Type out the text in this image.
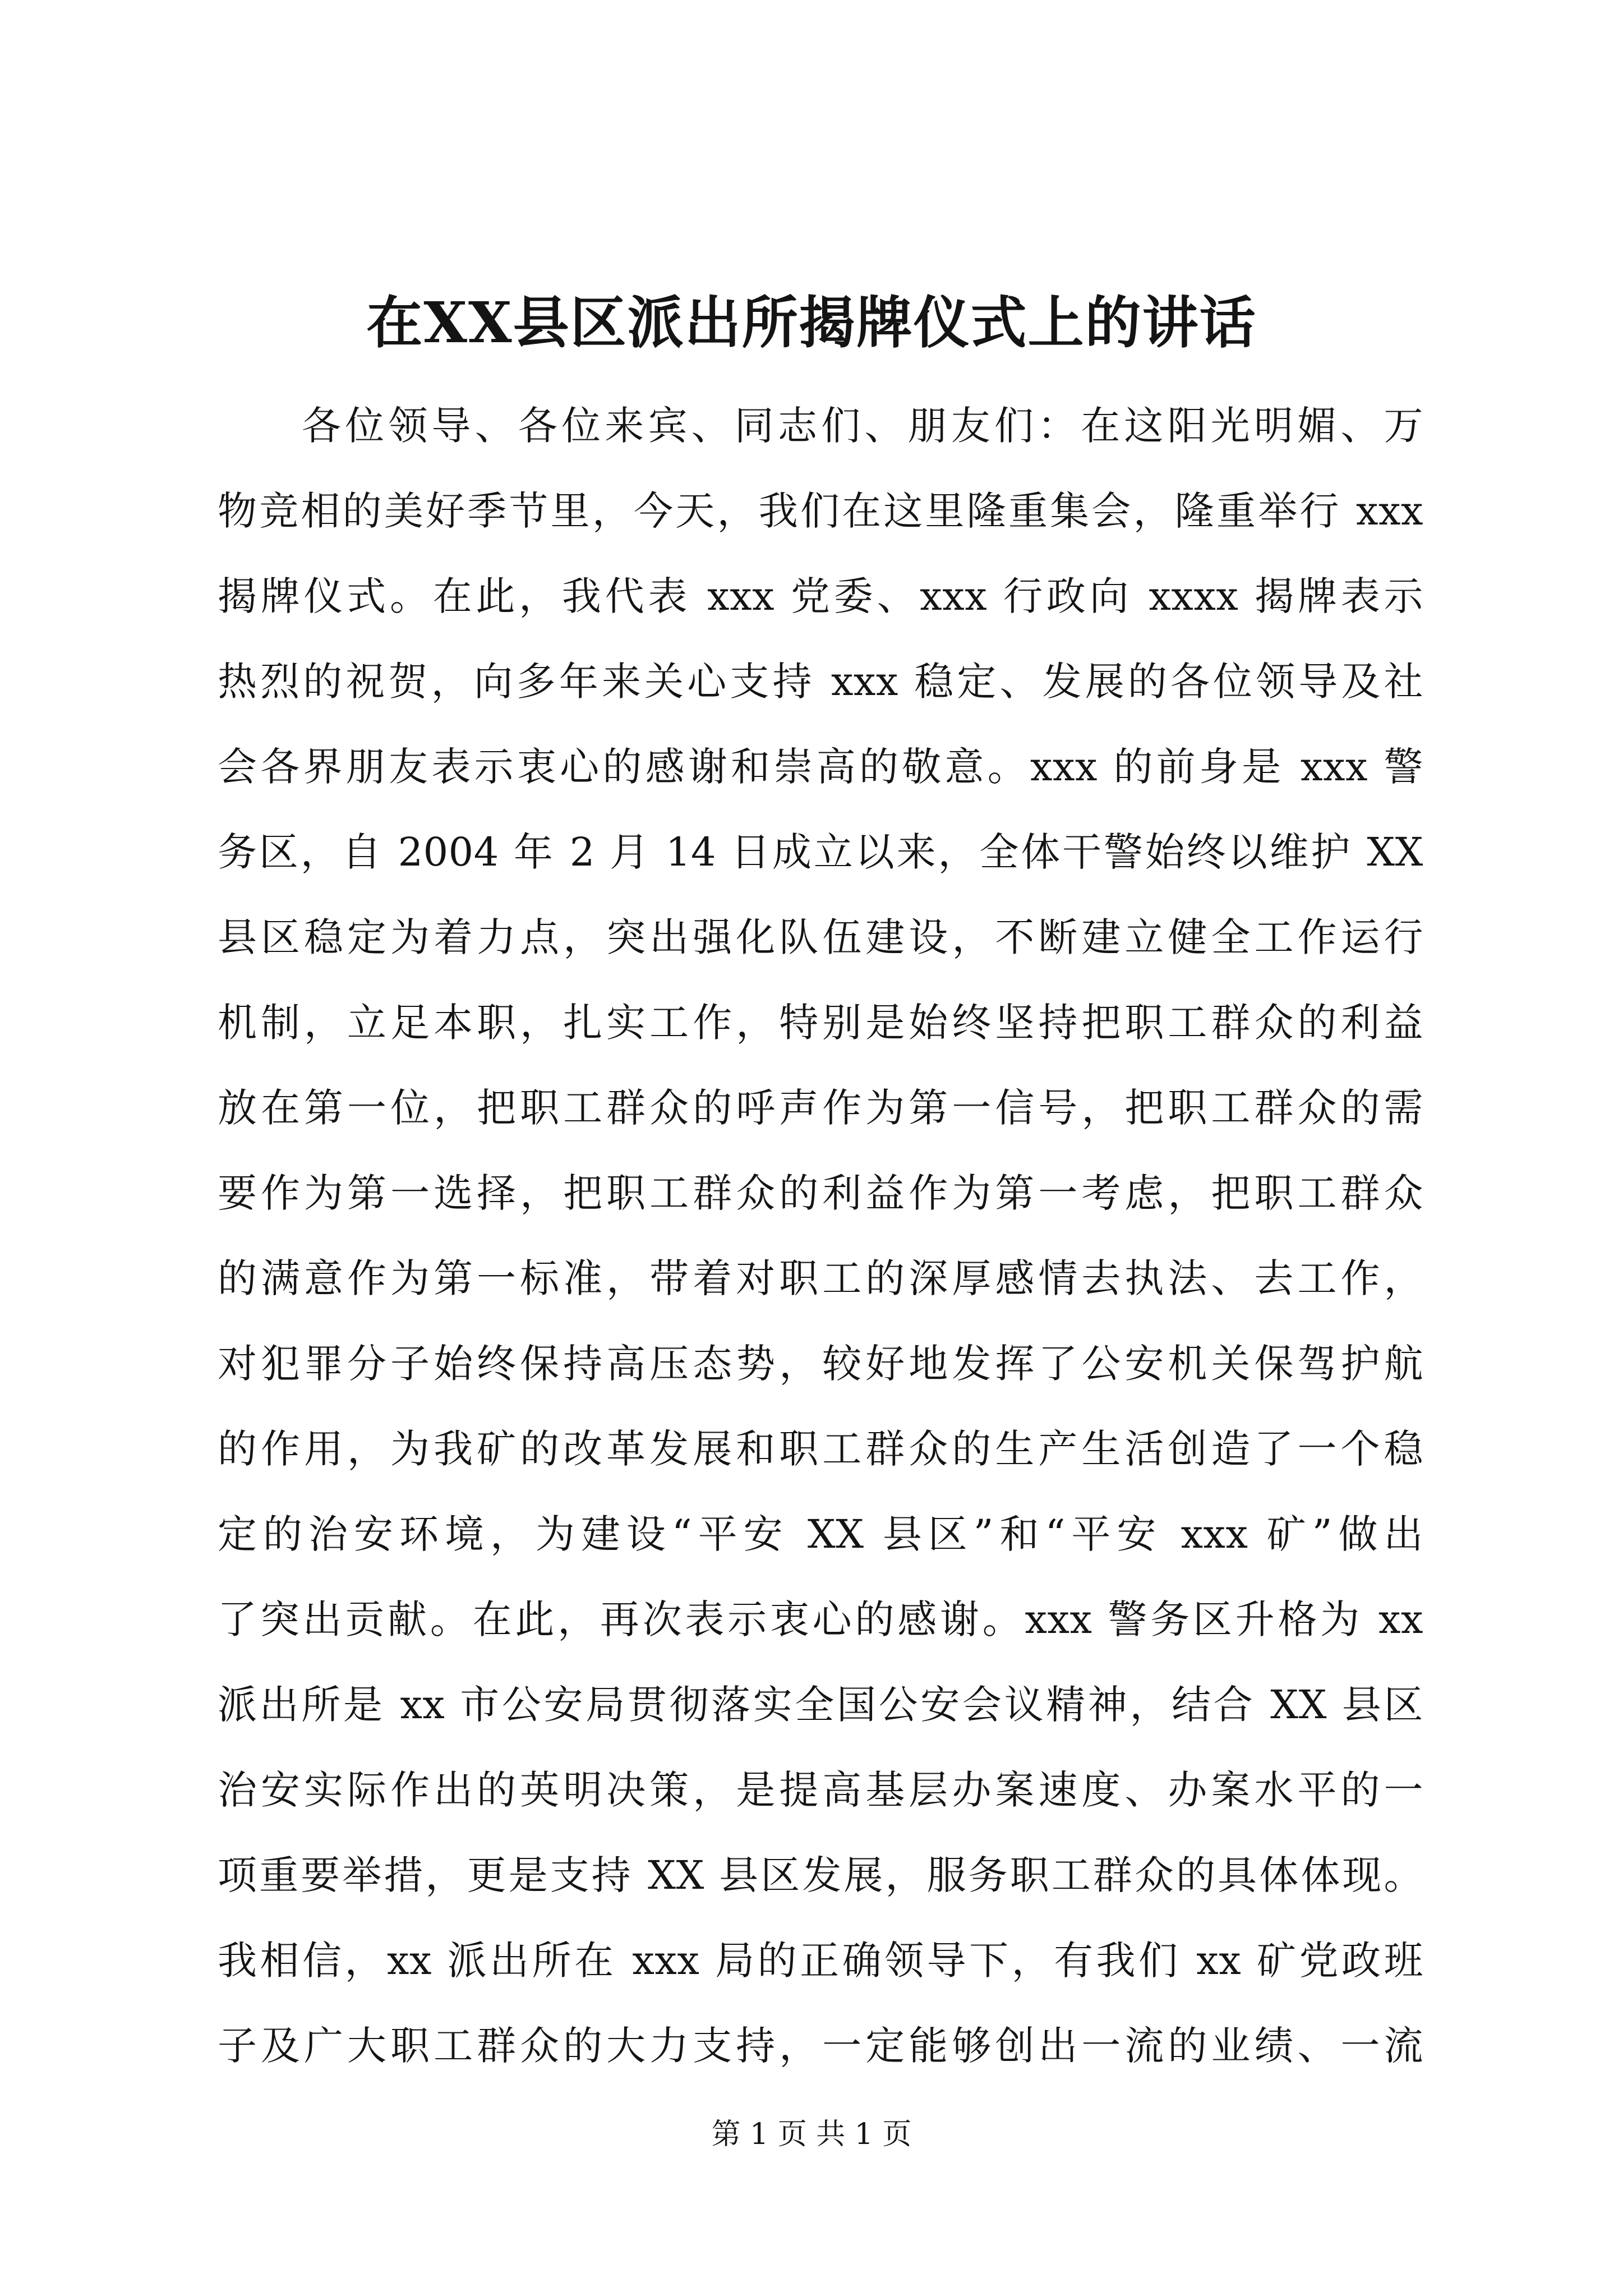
在XX县区派出所揭牌仪式上的讲话
各位领导、各位来宾、同志们、朋友们：在这阳光明媚、万
物竞相的美好季节里，今天，我们在这里隆重集会，隆重举行 xxx
揭牌仪式。在此，我代表 xxx 党委、xxx 行政向 xxxx 揭牌表示
热烈的祝贺，向多年来关心支持 xxx 稳定、发展的各位领导及社
会各界朋友表示衷心的感谢和崇高的敬意。xxx 的前身是 xxx 警
务区，自 2004 年 2 月 14 日成立以来，全体干警始终以维护 XX
县区稳定为着力点，突出强化队伍建设，不断建立健全工作运行
机制，立足本职，扎实工作，特别是始终坚持把职工群众的利益
放在第一位，把职工群众的呼声作为第一信号，把职工群众的需
要作为第一选择，把职工群众的利益作为第一考虑，把职工群众
的满意作为第一标准，带着对职工的深厚感情去执法、去工作，
对犯罪分子始终保持高压态势，较好地发挥了公安机关保驾护航
的作用，为我矿的改革发展和职工群众的生产生活创造了一个稳
定的治安环境，为建设“平安 XX 县区”和“平安 xxx 矿”做出
了突出贡献。在此，再次表示衷心的感谢。xxx 警务区升格为 xx
派出所是 xx 市公安局贯彻落实全国公安会议精神，结合 XX 县区
治安实际作出的英明决策，是提高基层办案速度、办案水平的一
项重要举措，更是支持 XX 县区发展，服务职工群众的具体体现。
我相信，xx 派出所在 xxx 局的正确领导下，有我们 xx 矿党政班
子及广大职工群众的大力支持，一定能够创出一流的业绩、一流
第 1 页 共 1 页
